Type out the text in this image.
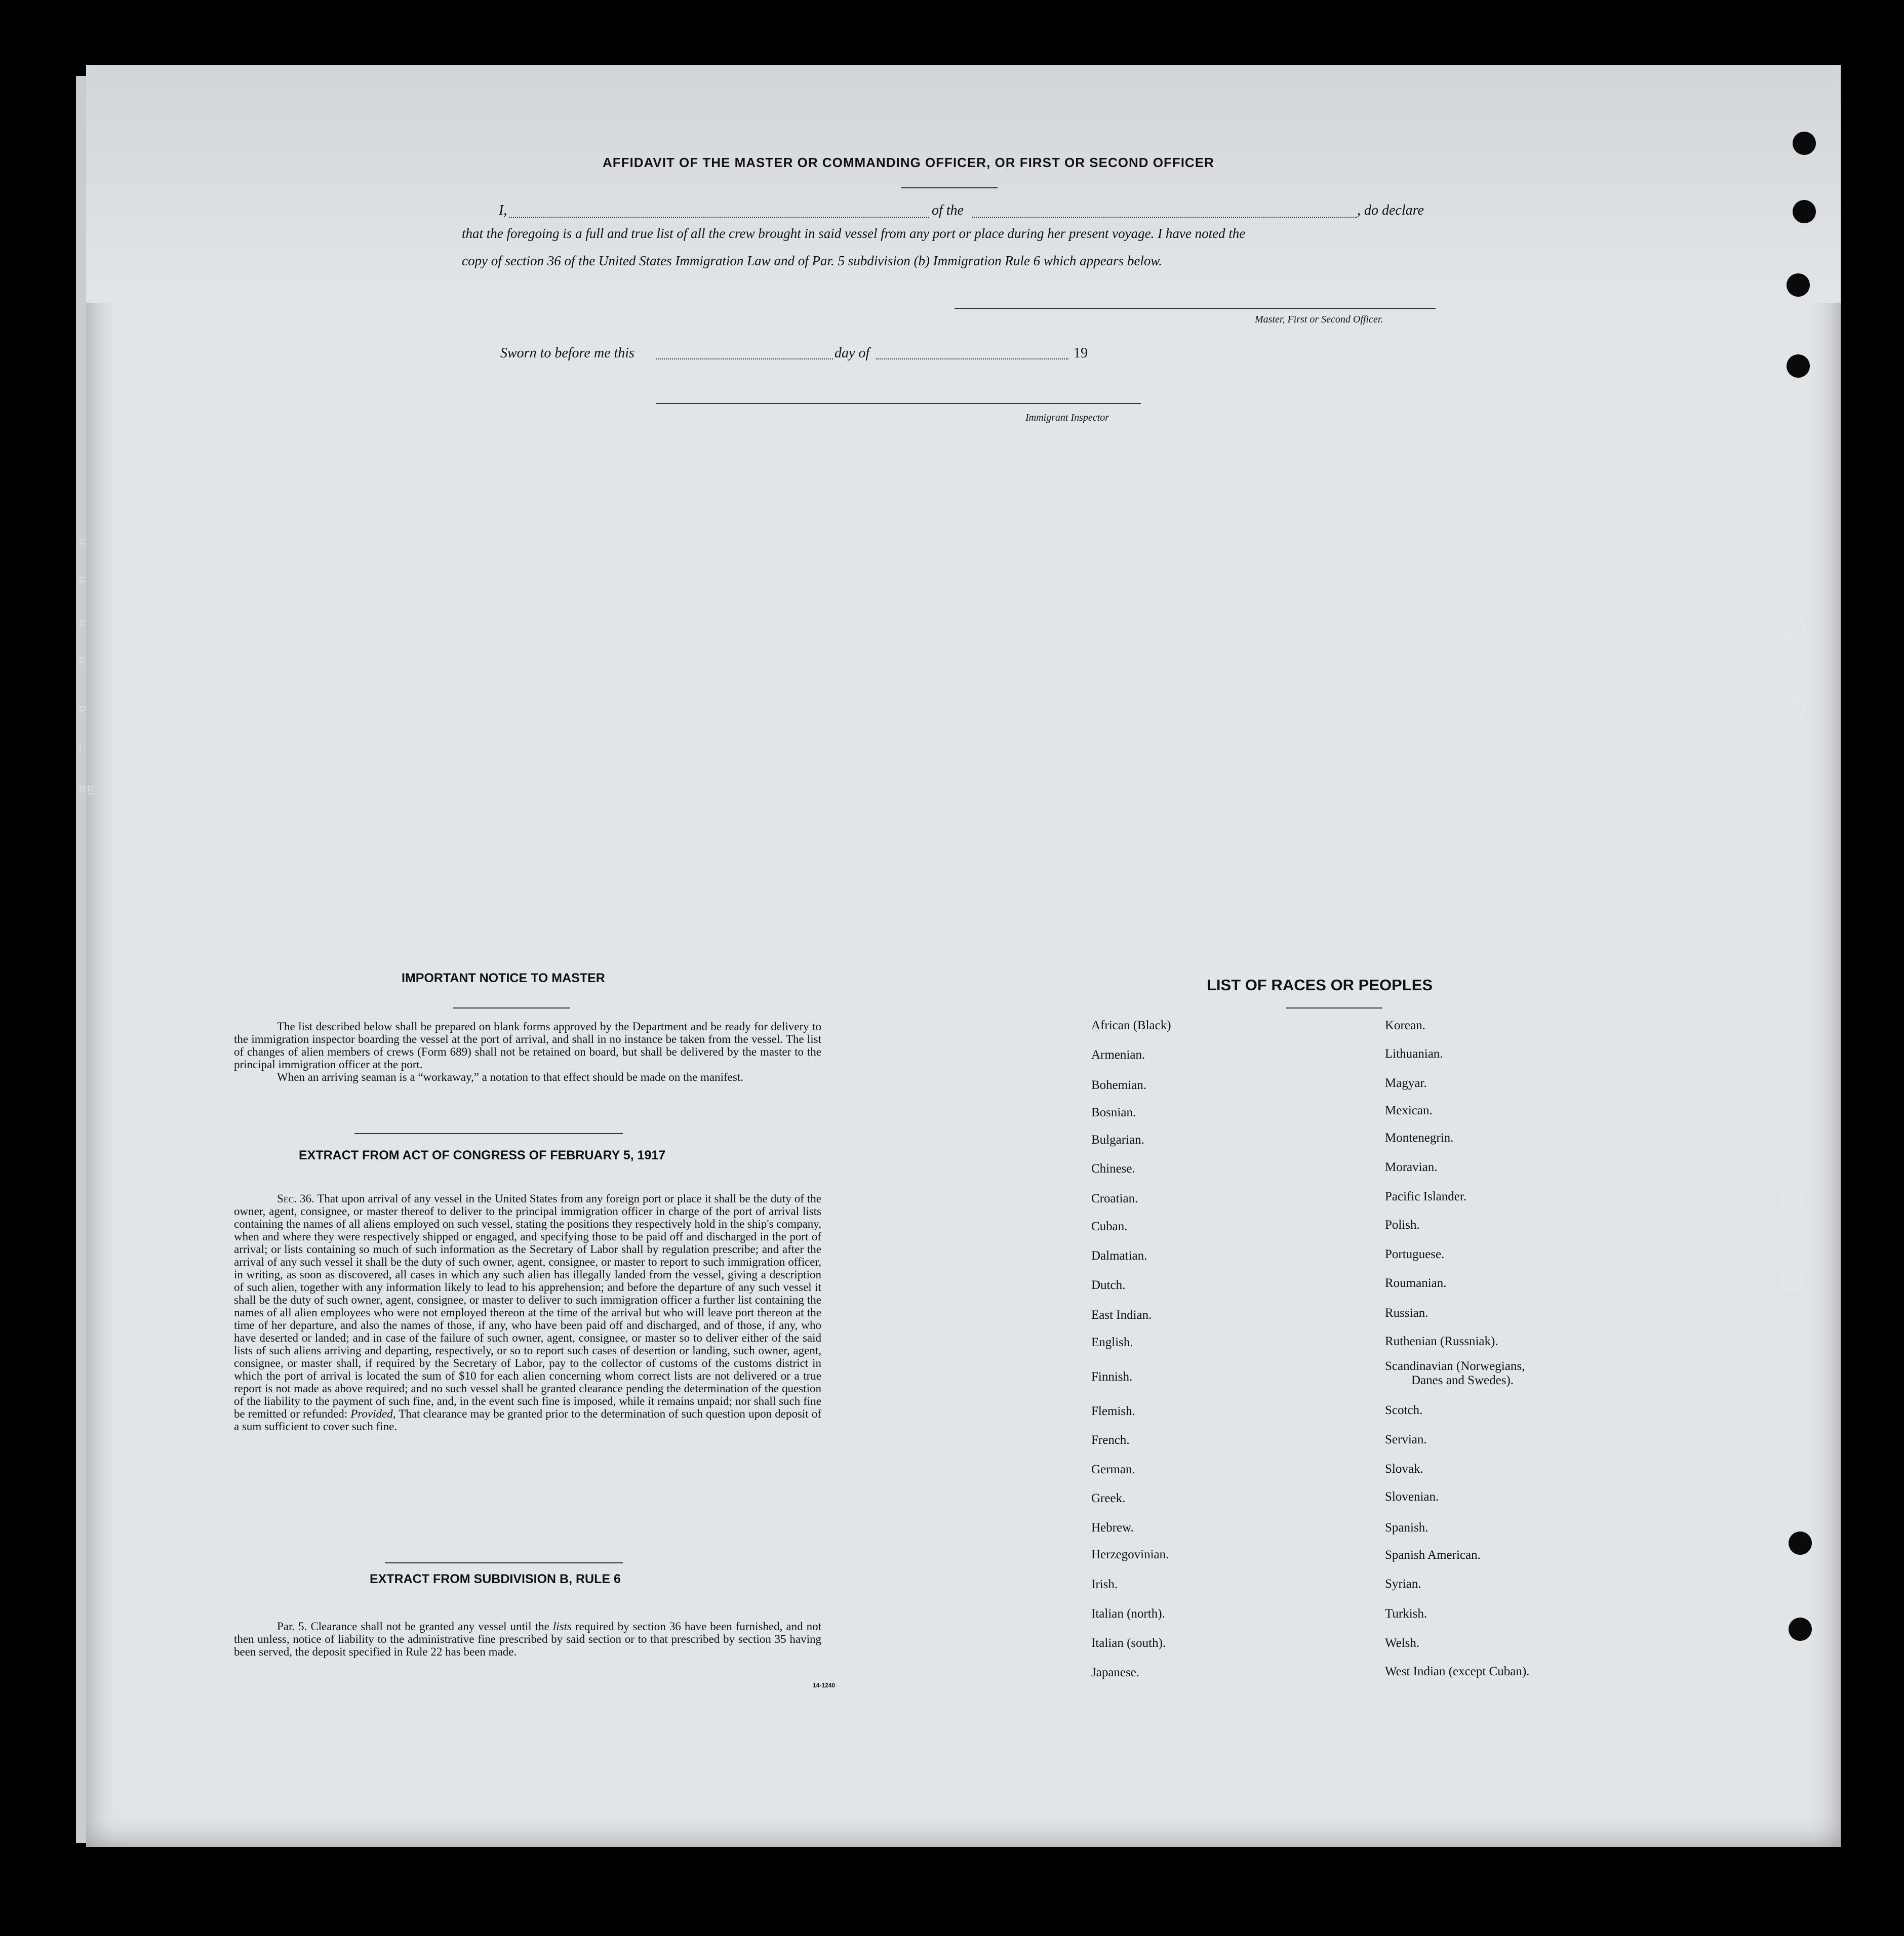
F
F
F
F
P
I
PE
AFFIDAVIT OF THE MASTER OR COMMANDING OFFICER, OR FIRST OR SECOND OFFICER
I,	of the	, do declare
that the foregoing is a full and true list of all the crew brought in said vessel from any port or place during her present voyage. I have noted the
copy of section 36 of the United States Immigration Law and of Par. 5 subdivision (b) Immigration Rule 6 which appears below.
Master, First or Second Officer.
Sworn to before me this	day of	19
Immigrant Inspector
IMPORTANT NOTICE TO MASTER
The list described below shall be prepared on blank forms approved by the Department and be ready for delivery to the immigration inspector boarding the vessel at the port of arrival, and shall in no instance be taken from the vessel. The list of changes of alien members of crews (Form 689) shall not be retained on board, but shall be delivered by the master to the principal immigration officer at the port.
When an arriving seaman is a “workaway,” a notation to that effect should be made on the manifest.
EXTRACT FROM ACT OF CONGRESS OF FEBRUARY 5, 1917
Sec. 36. That upon arrival of any vessel in the United States from any foreign port or place it shall be the duty of the owner, agent, consignee, or master thereof to deliver to the principal immigration officer in charge of the port of arrival lists containing the names of all aliens employed on such vessel, stating the positions they respectively hold in the ship's company, when and where they were respectively shipped or engaged, and specifying those to be paid off and discharged in the port of arrival; or lists containing so much of such information as the Secretary of Labor shall by regulation prescribe; and after the arrival of any such vessel it shall be the duty of such owner, agent, consignee, or master to report to such immigration officer, in writing, as soon as discovered, all cases in which any such alien has illegally landed from the vessel, giving a description of such alien, together with any information likely to lead to his apprehension; and before the departure of any such vessel it shall be the duty of such owner, agent, consignee, or master to deliver to such immigration officer a further list containing the names of all alien employees who were not employed thereon at the time of the arrival but who will leave port thereon at the time of her departure, and also the names of those, if any, who have been paid off and discharged, and of those, if any, who have deserted or landed; and in case of the failure of such owner, agent, consignee, or master so to deliver either of the said lists of such aliens arriving and departing, respectively, or so to report such cases of desertion or landing, such owner, agent, consignee, or master shall, if required by the Secretary of Labor, pay to the collector of customs of the customs district in which the port of arrival is located the sum of $10 for each alien concerning whom correct lists are not delivered or a true report is not made as above required; and no such vessel shall be granted clearance pending the determination of the question of the liability to the payment of such fine, and, in the event such fine is imposed, while it remains unpaid; nor shall such fine be remitted or refunded: Provided, That clearance may be granted prior to the determination of such question upon deposit of a sum sufficient to cover such fine.
EXTRACT FROM SUBDIVISION B, RULE 6
Par. 5. Clearance shall not be granted any vessel until the lists required by section 36 have been furnished, and not then unless, notice of liability to the administrative fine prescribed by said section or to that prescribed by section 35 having been served, the deposit specified in Rule 22 has been made.
14-1240
LIST OF RACES OR PEOPLES
African (Black)
Armenian.
Bohemian.
Bosnian.
Bulgarian.
Chinese.
Croatian.
Cuban.
Dalmatian.
Dutch.
East Indian.
English.
Finnish.
Flemish.
French.
German.
Greek.
Hebrew.
Herzegovinian.
Irish.
Italian (north).
Italian (south).
Japanese.
Korean.
Lithuanian.
Magyar.
Mexican.
Montenegrin.
Moravian.
Pacific Islander.
Polish.
Portuguese.
Roumanian.
Russian.
Ruthenian (Russniak).
Scandinavian (Norwegians,
Danes and Swedes).
Scotch.
Servian.
Slovak.
Slovenian.
Spanish.
Spanish American.
Syrian.
Turkish.
Welsh.
West Indian (except Cuban).
